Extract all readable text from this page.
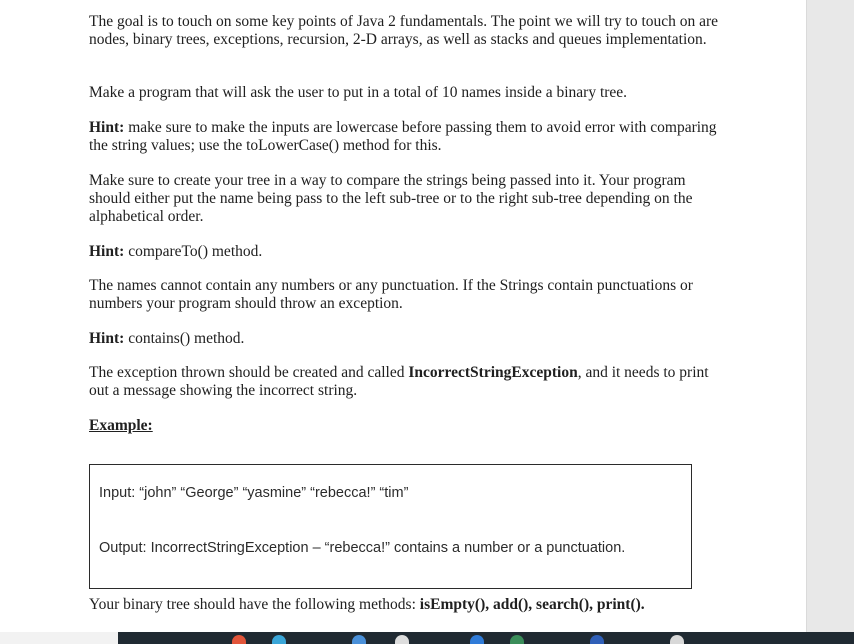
The goal is to touch on some key points of Java 2 fundamentals. The point we will try to touch on are nodes, binary trees, exceptions, recursion, 2-D arrays, as well as stacks and queues implementation.

Make a program that will ask the user to put in a total of 10 names inside a binary tree.

Hint: make sure to make the inputs are lowercase before passing them to avoid error with comparing the string values; use the toLowerCase() method for this.

Make sure to create your tree in a way to compare the strings being passed into it. Your program should either put the name being pass to the left sub-tree or to the right sub-tree depending on the alphabetical order.

Hint: compareTo() method.

The names cannot contain any numbers or any punctuation. If the Strings contain punctuations or numbers your program should throw an exception.

Hint: contains() method.

The exception thrown should be created and called IncorrectStringException, and it needs to print out a message showing the incorrect string.

Example:

Input: “john” “George” “yasmine” “rebecca!” “tim”
Output: IncorrectStringException – “rebecca!” contains a number or a punctuation.

Your binary tree should have the following methods: isEmpty(), add(), search(), print().
